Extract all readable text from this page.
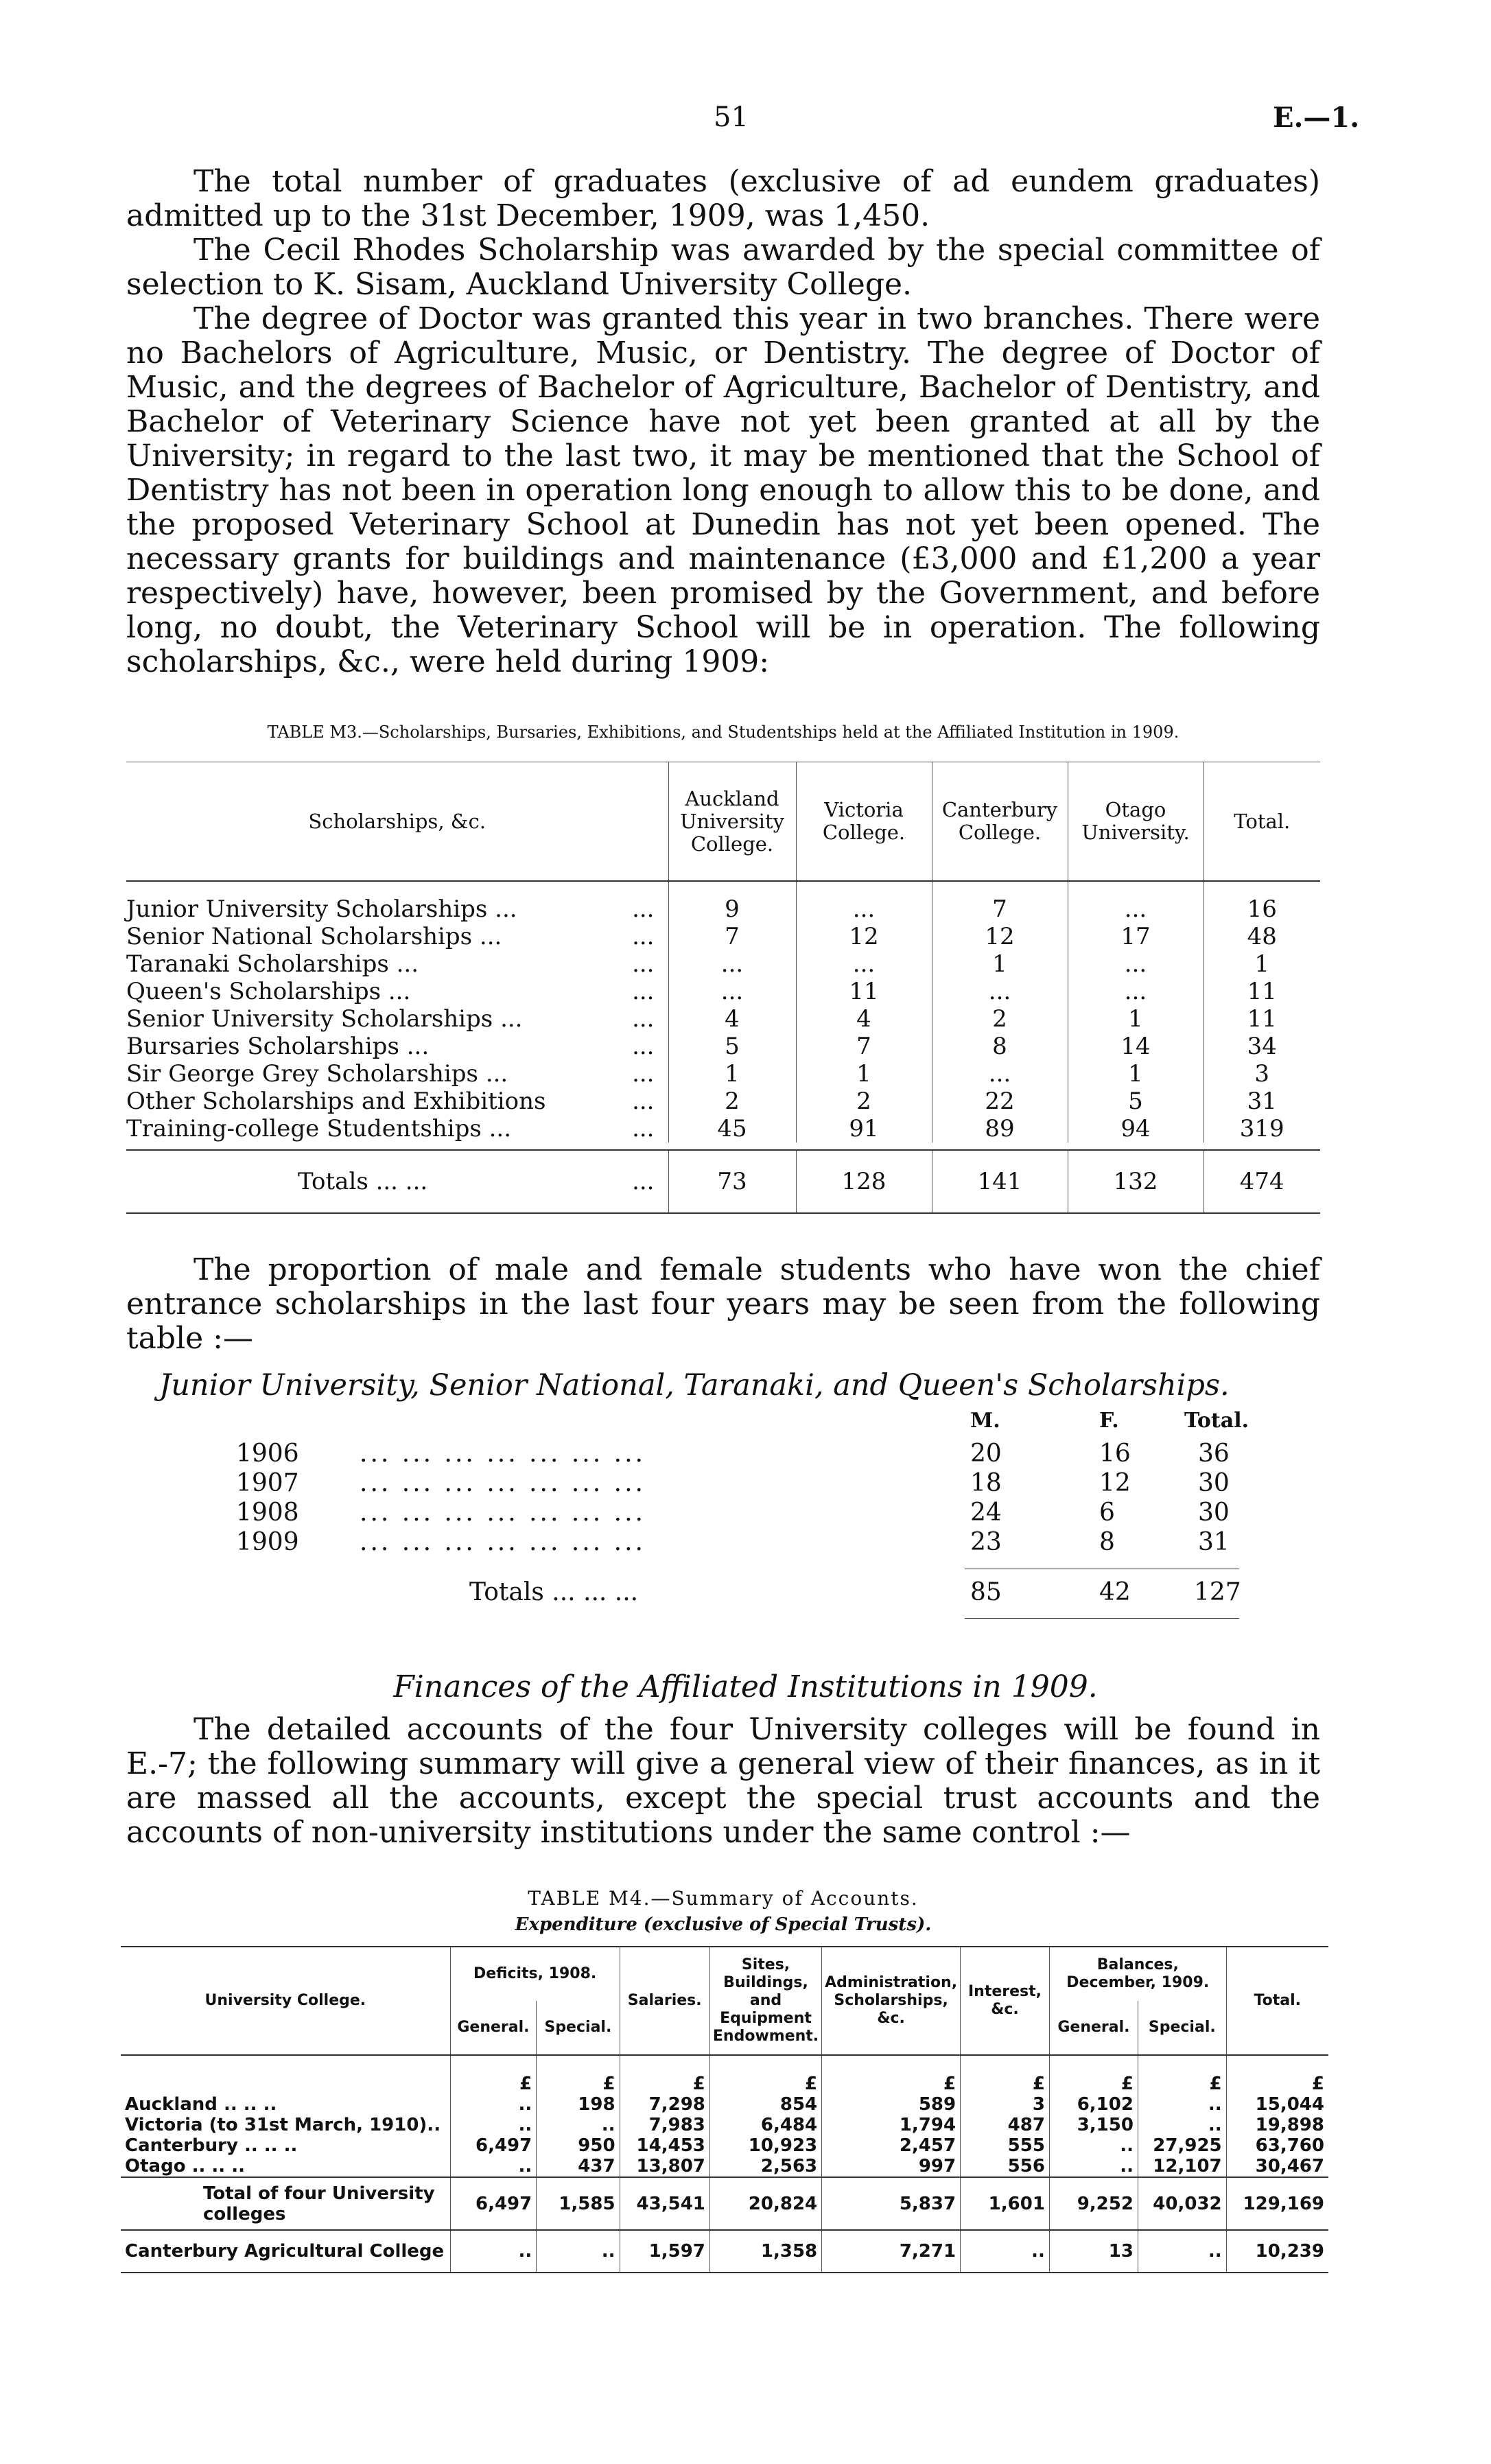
51	E.—1.

The total number of graduates (exclusive of ad eundem graduates) admitted up to the 31st December, 1909, was 1,450.

The Cecil Rhodes Scholarship was awarded by the special committee of selection to K. Sisam, Auckland University College.

The degree of Doctor was granted this year in two branches. There were no Bachelors of Agriculture, Music, or Dentistry. The degree of Doctor of Music, and the degrees of Bachelor of Agriculture, Bachelor of Dentistry, and Bachelor of Veterinary Science have not yet been granted at all by the University; in regard to the last two, it may be mentioned that the School of Dentistry has not been in operation long enough to allow this to be done, and the proposed Veterinary School at Dunedin has not yet been opened. The necessary grants for buildings and maintenance (£3,000 and £1,200 a year respectively) have, however, been promised by the Government, and before long, no doubt, the Veterinary School will be in operation. The following scholarships, &c., were held during 1909:

TABLE M3.—Scholarships, Bursaries, Exhibitions, and Studentships held at the Affiliated Institution in 1909.
Scholarships, &c.	Auckland University College.	Victoria College.	Canterbury College.	Otago University.	Total.
Junior University Scholarships ... ...	9	...	7	...	16
Senior National Scholarships ... ...	7	12	12	17	48
Taranaki Scholarships ... ...	...	...	1	...	1
Queen's Scholarships ... ...	...	11	...	...	11
Senior University Scholarships ... ...	4	4	2	1	11
Bursaries Scholarships ... ...	5	7	8	14	34
Sir George Grey Scholarships ... ...	1	1	...	1	3
Other Scholarships and Exhibitions ...	2	2	22	5	31
Training-college Studentships ... ...	45	91	89	94	319

Totals ... ... ...	73	128	141	132	474

The proportion of male and female students who have won the chief entrance scholarships in the last four years may be seen from the following table :—

Junior University, Senior National, Taranaki, and Queen's Scholarships.
M.	F.	Total.
1906 ... ... ... ... ... ... ...	20	16	36
1907 ... ... ... ... ... ... ...	18	12	30
1908 ... ... ... ... ... ... ...	24	6	30
1909 ... ... ... ... ... ... ...	23	8	31
Totals ... ... ...	85	42	127
Finances of the Affiliated Institutions in 1909.

The detailed accounts of the four University colleges will be found in E.-7; the following summary will give a general view of their finances, as in it are massed all the accounts, except the special trust accounts and the accounts of non-university institutions under the same control :—

TABLE M4.—Summary of Accounts.
Expenditure (exclusive of Special Trusts).
University College.	Deficits, 1908.		Salaries.	Sites, Buildings, and Equipment Endowment.	Administration, Scholarships, &c.	Interest, &c.	Balances, December, 1909.		Total.
	General.	Special.					General.	Special.	
	£	£	£	£	£	£	£	£	£
Auckland .. .. ..	..	198	7,298	854	589	3	6,102	..	15,044
Victoria (to 31st March, 1910)..	..	..	7,983	6,484	1,794	487	3,150	..	19,898
Canterbury .. .. ..	6,497	950	14,453	10,923	2,457	555	..	27,925	63,760
Otago .. .. ..	..	437	13,807	2,563	997	556	..	12,107	30,467
Total of four University colleges	6,497	1,585	43,541	20,824	5,837	1,601	9,252	40,032	129,169
Canterbury Agricultural College	..	..	1,597	1,358	7,271	..	13	..	10,239
